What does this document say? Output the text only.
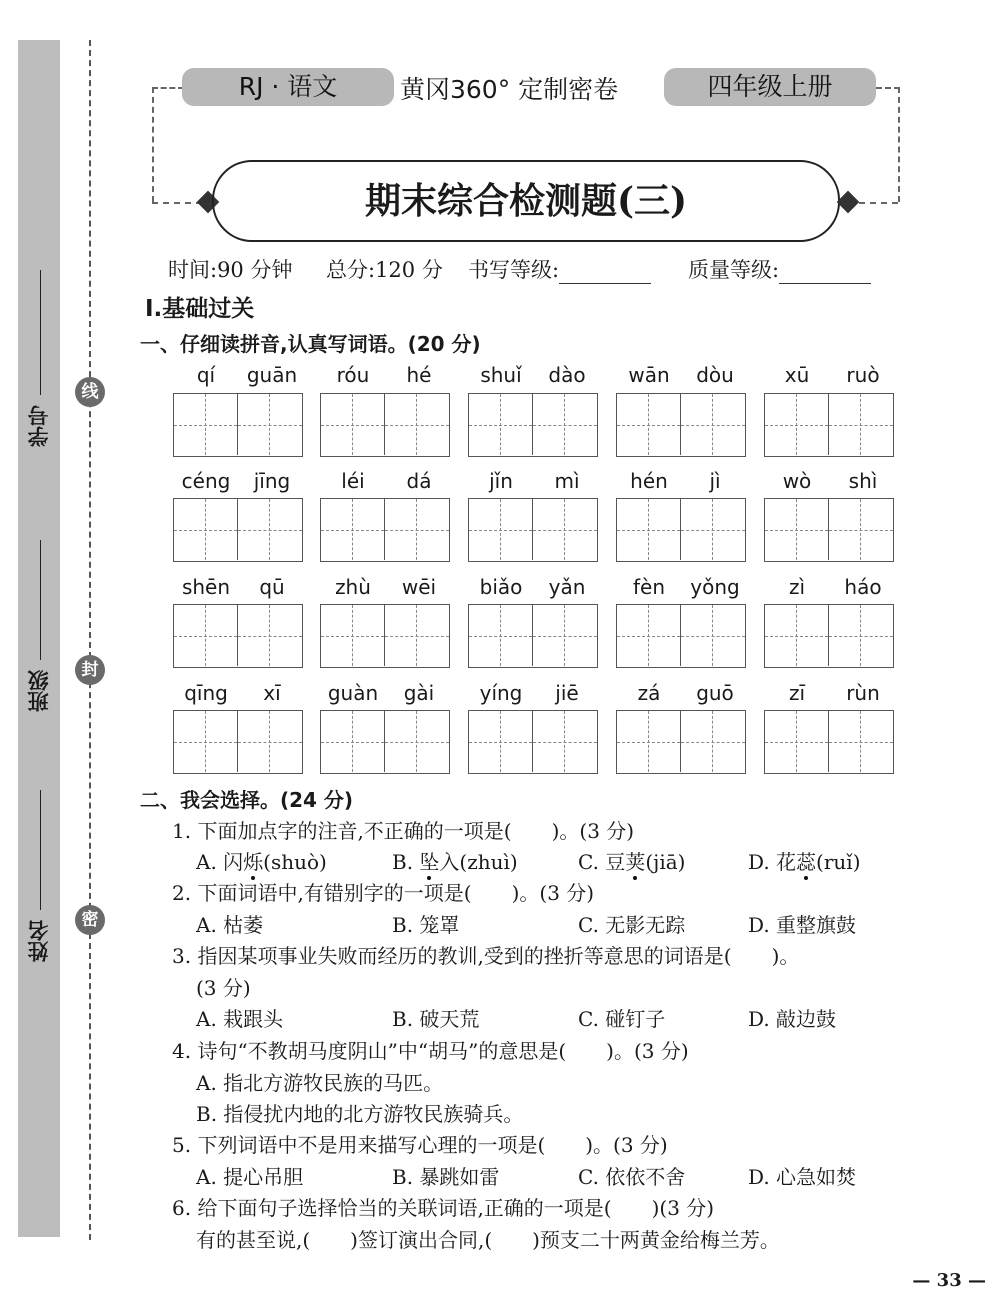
学号
班级
姓名
线
封
密
RJ · 语文	黄冈360° 定制密卷	四年级上册
期末综合检测题(三)
时间:90 分钟 总分:120 分 书写等级:	质量等级:
Ⅰ.基础过关
一、仔细读拼音,认真写词语。(20 分)
qí	guān	róu	hé	shuǐ	dào	wān	dòu	xū	ruò
céng	jīng	léi	dá	jǐn	mì	hén	jì	wò	shì
shēn	qū	zhù	wēi	biǎo	yǎn	fèn	yǒng	zì	háo
qīng	xī	guàn	gài	yíng	jiē	zá	guō	zī	rùn
二、我会选择。(24 分)
1. 下面加点字的注音,不正确的一项是(　　)。(3 分)
A. 闪烁(shuò)	B. 坠入(zhuì)	C. 豆荚(jiā)	D. 花蕊(ruǐ)
2. 下面词语中,有错别字的一项是(　　)。(3 分)
A. 枯萎	B. 笼罩	C. 无影无踪	D. 重整旗鼓
3. 指因某项事业失败而经历的教训,受到的挫折等意思的词语是(　　)。
(3 分)
A. 栽跟头	B. 破天荒	C. 碰钉子	D. 敲边鼓
4. 诗句“不教胡马度阴山”中“胡马”的意思是(　　)。(3 分)
A. 指北方游牧民族的马匹。
B. 指侵扰内地的北方游牧民族骑兵。
5. 下列词语中不是用来描写心理的一项是(　　)。(3 分)
A. 提心吊胆	B. 暴跳如雷	C. 依依不舍	D. 心急如焚
6. 给下面句子选择恰当的关联词语,正确的一项是(　　)(3 分)
有的甚至说,(　　)签订演出合同,(　　)预支二十两黄金给梅兰芳。
— 33 —
